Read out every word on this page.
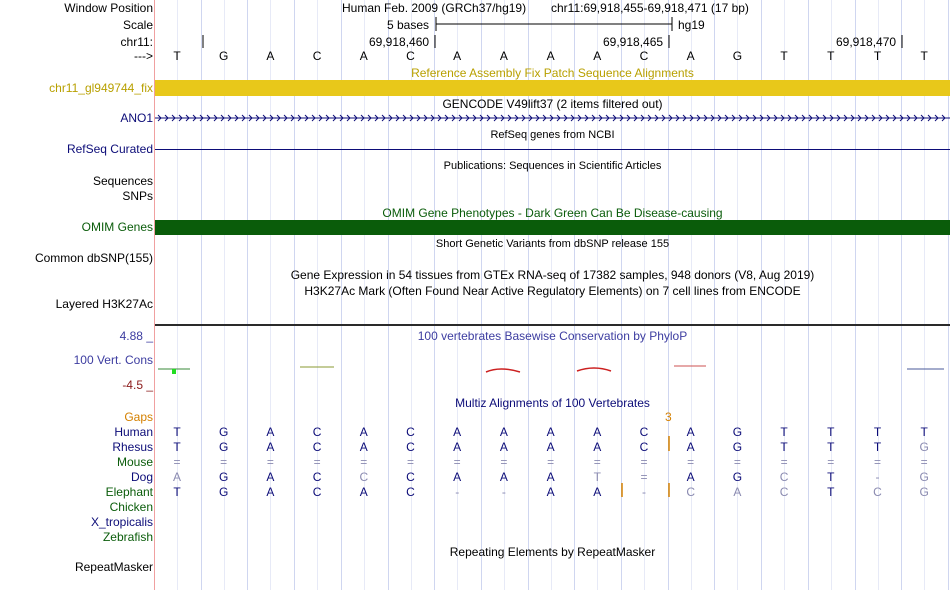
Window Position	Human Feb. 2009 (GRCh37/hg19) chr11:69,918,455-69,918,471 (17 bp)
Scale	5 bases	hg19
chr11:	69,918,460	69,918,465	69,918,470
--->	T	G	A	C	A	C	A	A	A	A	C	A	G	T	T	T	T
Reference Assembly Fix Patch Sequence Alignments
chr11_gl949744_fix
GENCODE V49lift37 (2 items filtered out)
ANO1
RefSeq genes from NCBI
RefSeq Curated
Publications: Sequences in Scientific Articles
Sequences
SNPs
OMIM Gene Phenotypes - Dark Green Can Be Disease-causing
OMIM Genes
Short Genetic Variants from dbSNP release 155
Common dbSNP(155)
Gene Expression in 54 tissues from GTEx RNA-seq of 17382 samples, 948 donors (V8, Aug 2019)
H3K27Ac Mark (Often Found Near Active Regulatory Elements) on 7 cell lines from ENCODE
Layered H3K27Ac
100 vertebrates Basewise Conservation by PhyloP
4.88 _
100 Vert. Cons
-4.5 _
Multiz Alignments of 100 Vertebrates
Gaps	3
Human	T	G	A	C	A	C	A	A	A	A	C	A	G	T	T	T	T
Rhesus	T	G	A	C	A	C	A	A	A	A	C	A	G	T	T	T	G
Mouse	=	=	=	=	=	=	=	=	=	=	=	=	=	=	=	=	=
Dog	A	G	A	C	C	C	A	A	A	T	=	A	G	C	T	-	G
Elephant	T	G	A	C	A	C	-	-	A	A	-	C	A	C	T	C	G
Chicken
X_tropicalis
Zebrafish
Repeating Elements by RepeatMasker
RepeatMasker
